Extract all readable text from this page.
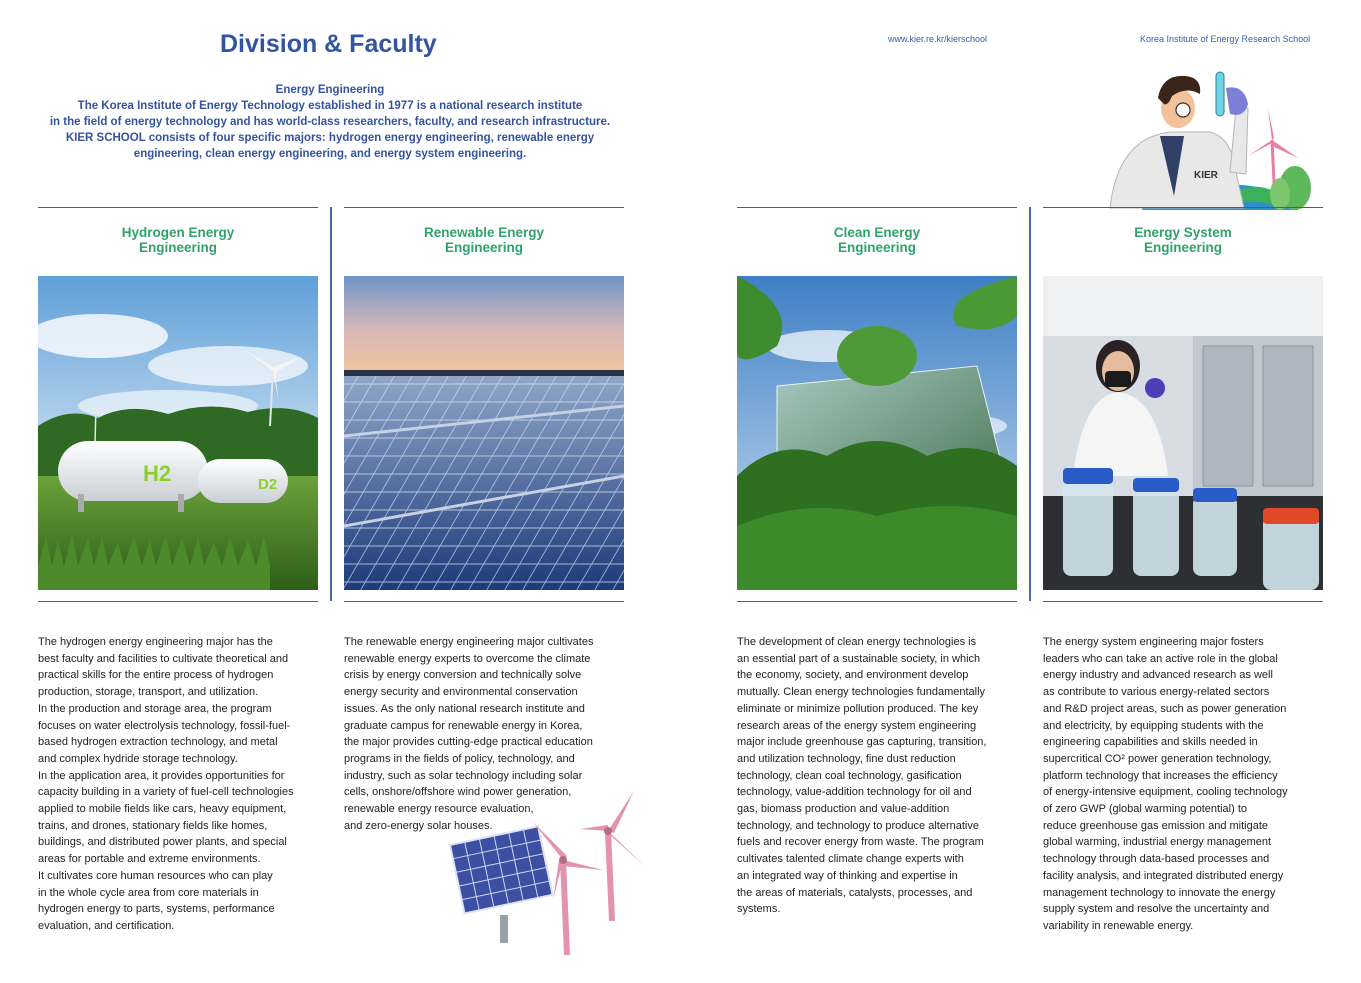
Division & Faculty
Energy Engineering
The Korea Institute of Energy Technology established in 1977 is a national research institute
in the field of energy technology and has world-class researchers, faculty, and research infrastructure.
KIER SCHOOL consists of four specific majors: hydrogen energy engineering, renewable energy
engineering, clean energy engineering, and energy system engineering.
www.kier.re.kr/kierschool	Korea Institute of Energy Research School
KIER
Hydrogen Energy
Engineering
Renewable Energy
Engineering
Clean Energy
Engineering
Energy System
Engineering
H2	D2
The hydrogen energy engineering major has the
best faculty and facilities to cultivate theoretical and
practical skills for the entire process of hydrogen
production, storage, transport, and utilization.
In the production and storage area, the program
focuses on water electrolysis technology, fossil-fuel-
based hydrogen extraction technology, and metal
and complex hydride storage technology.
In the application area, it provides opportunities for
capacity building in a variety of fuel-cell technologies
applied to mobile fields like cars, heavy equipment,
trains, and drones, stationary fields like homes,
buildings, and distributed power plants, and special
areas for portable and extreme environments.
It cultivates core human resources who can play
in the whole cycle area from core materials in
hydrogen energy to parts, systems, performance
evaluation, and certification.
The renewable energy engineering major cultivates
renewable energy experts to overcome the climate
crisis by energy conversion and technically solve
energy security and environmental conservation
issues. As the only national research institute and
graduate campus for renewable energy in Korea,
the major provides cutting-edge practical education
programs in the fields of policy, technology, and
industry, such as solar technology including solar
cells, onshore/offshore wind power generation,
renewable energy resource evaluation,
and zero-energy solar houses.
The development of clean energy technologies is
an essential part of a sustainable society, in which
the economy, society, and environment develop
mutually. Clean energy technologies fundamentally
eliminate or minimize pollution produced. The key
research areas of the energy system engineering
major include greenhouse gas capturing, transition,
and utilization technology, fine dust reduction
technology, clean coal technology, gasification
technology, value-addition technology for oil and
gas, biomass production and value-addition
technology, and technology to produce alternative
fuels and recover energy from waste. The program
cultivates talented climate change experts with
an integrated way of thinking and expertise in
the areas of materials, catalysts, processes, and
systems.
The energy system engineering major fosters
leaders who can take an active role in the global
energy industry and advanced research as well
as contribute to various energy-related sectors
and R&D project areas, such as power generation
and electricity, by equipping students with the
engineering capabilities and skills needed in
supercritical CO² power generation technology,
platform technology that increases the efficiency
of energy-intensive equipment, cooling technology
of zero GWP (global warming potential) to
reduce greenhouse gas emission and mitigate
global warming, industrial energy management
technology through data-based processes and
facility analysis, and integrated distributed energy
management technology to innovate the energy
supply system and resolve the uncertainty and
variability in renewable energy.
